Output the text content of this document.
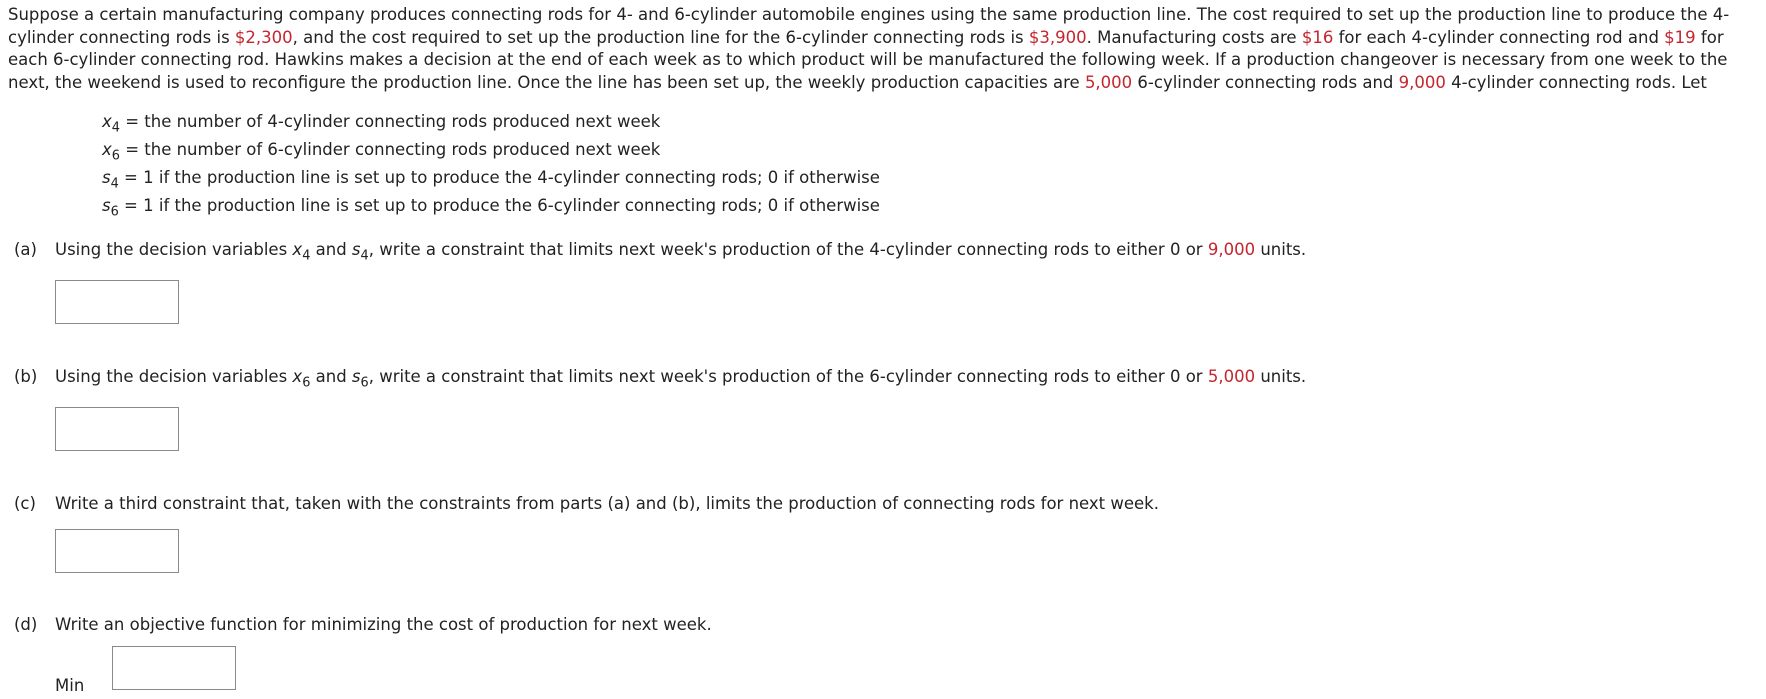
Suppose a certain manufacturing company produces connecting rods for 4- and 6-cylinder automobile engines using the same production line. The cost required to set up the production line to produce the 4-cylinder connecting rods is $2,300, and the cost required to set up the production line for the 6-cylinder connecting rods is $3,900. Manufacturing costs are $16 for each 4-cylinder connecting rod and $19 for each 6-cylinder connecting rod. Hawkins makes a decision at the end of each week as to which product will be manufactured the following week. If a production changeover is necessary from one week to the next, the weekend is used to reconfigure the production line. Once the line has been set up, the weekly production capacities are 5,000 6-cylinder connecting rods and 9,000 4-cylinder connecting rods. Let
$x_4$ = the number of 4-cylinder connecting rods produced next week
$x_6$ = the number of 6-cylinder connecting rods produced next week
$s_4 = 1$ if the production line is set up to produce the 4-cylinder connecting rods; 0 if otherwise
$s_6 = 1$ if the production line is set up to produce the 6-cylinder connecting rods; 0 if otherwise
(a) Using the decision variables $x_4$ and $s_4$, write a constraint that limits next week's production of the 4-cylinder connecting rods to either 0 or 9,000 units.
(b) Using the decision variables $x_6$ and $s_6$, write a constraint that limits next week's production of the 6-cylinder connecting rods to either 0 or 5,000 units.
(c) Write a third constraint that, taken with the constraints from parts (a) and (b), limits the production of connecting rods for next week.
(d) Write an objective function for minimizing the cost of production for next week.
Min
